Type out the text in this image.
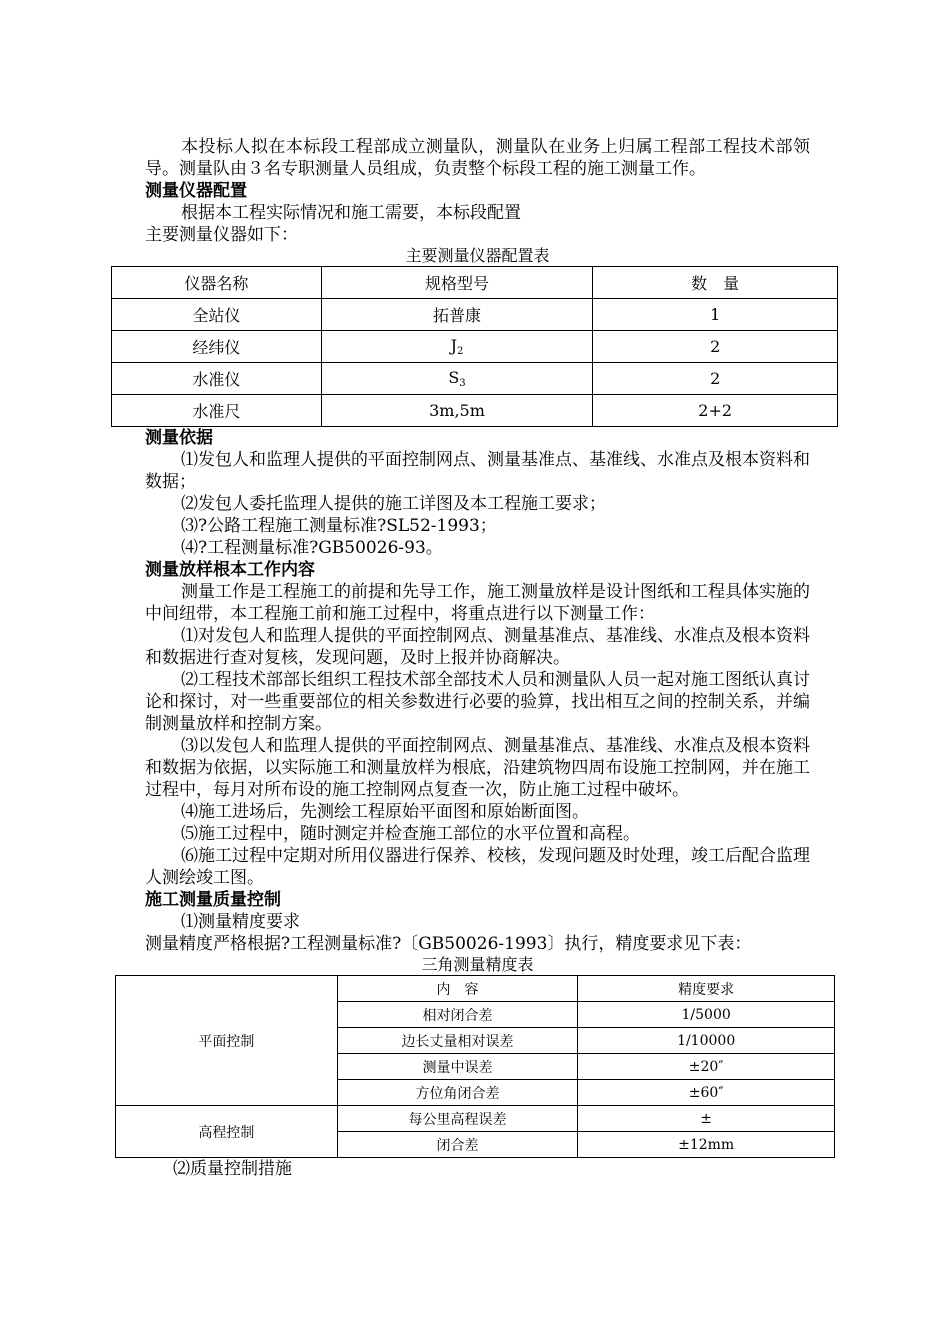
本投标人拟在本标段工程部成立测量队，测量队在业务上归属工程部工程技术部领导。测量队由３名专职测量人员组成，负责整个标段工程的施工测量工作。

测量仪器配置

根据本工程实际情况和施工需要，本标段配置

主要测量仪器如下：

主要测量仪器配置表

仪器名称	规格型号	数　量
全站仪	拓普康	1
经纬仪	$J_2$	2
水准仪	$S_3$	2
水准尺	3m,5m	2+2
测量依据

⑴发包人和监理人提供的平面控制网点、测量基准点、基准线、水准点及根本资料和数据；

⑵发包人委托监理人提供的施工详图及本工程施工要求；

⑶?公路工程施工测量标准?SL52-1993；

⑷?工程测量标准?GB50026-93。

测量放样根本工作内容

测量工作是工程施工的前提和先导工作，施工测量放样是设计图纸和工程具体实施的中间纽带，本工程施工前和施工过程中，将重点进行以下测量工作：

⑴对发包人和监理人提供的平面控制网点、测量基准点、基准线、水准点及根本资料和数据进行查对复核，发现问题，及时上报并协商解决。

⑵工程技术部部长组织工程技术部全部技术人员和测量队人员一起对施工图纸认真讨论和探讨，对一些重要部位的相关参数进行必要的验算，找出相互之间的控制关系，并编制测量放样和控制方案。

⑶以发包人和监理人提供的平面控制网点、测量基准点、基准线、水准点及根本资料和数据为依据，以实际施工和测量放样为根底，沿建筑物四周布设施工控制网，并在施工过程中，每月对所布设的施工控制网点复查一次，防止施工过程中破坏。

⑷施工进场后，先测绘工程原始平面图和原始断面图。

⑸施工过程中，随时测定并检查施工部位的水平位置和高程。

⑹施工过程中定期对所用仪器进行保养、校核，发现问题及时处理，竣工后配合监理人测绘竣工图。

施工测量质量控制

⑴测量精度要求

测量精度严格根据?工程测量标准?〔GB50026-1993〕执行，精度要求见下表：

三角测量精度表

平面控制	内　容	精度要求
	相对闭合差	1/5000
	边长丈量相对误差	1/10000
	测量中误差	±20″
	方位角闭合差	±60″
高程控制	每公里高程误差	±
	闭合差	±12mm

⑵质量控制措施
